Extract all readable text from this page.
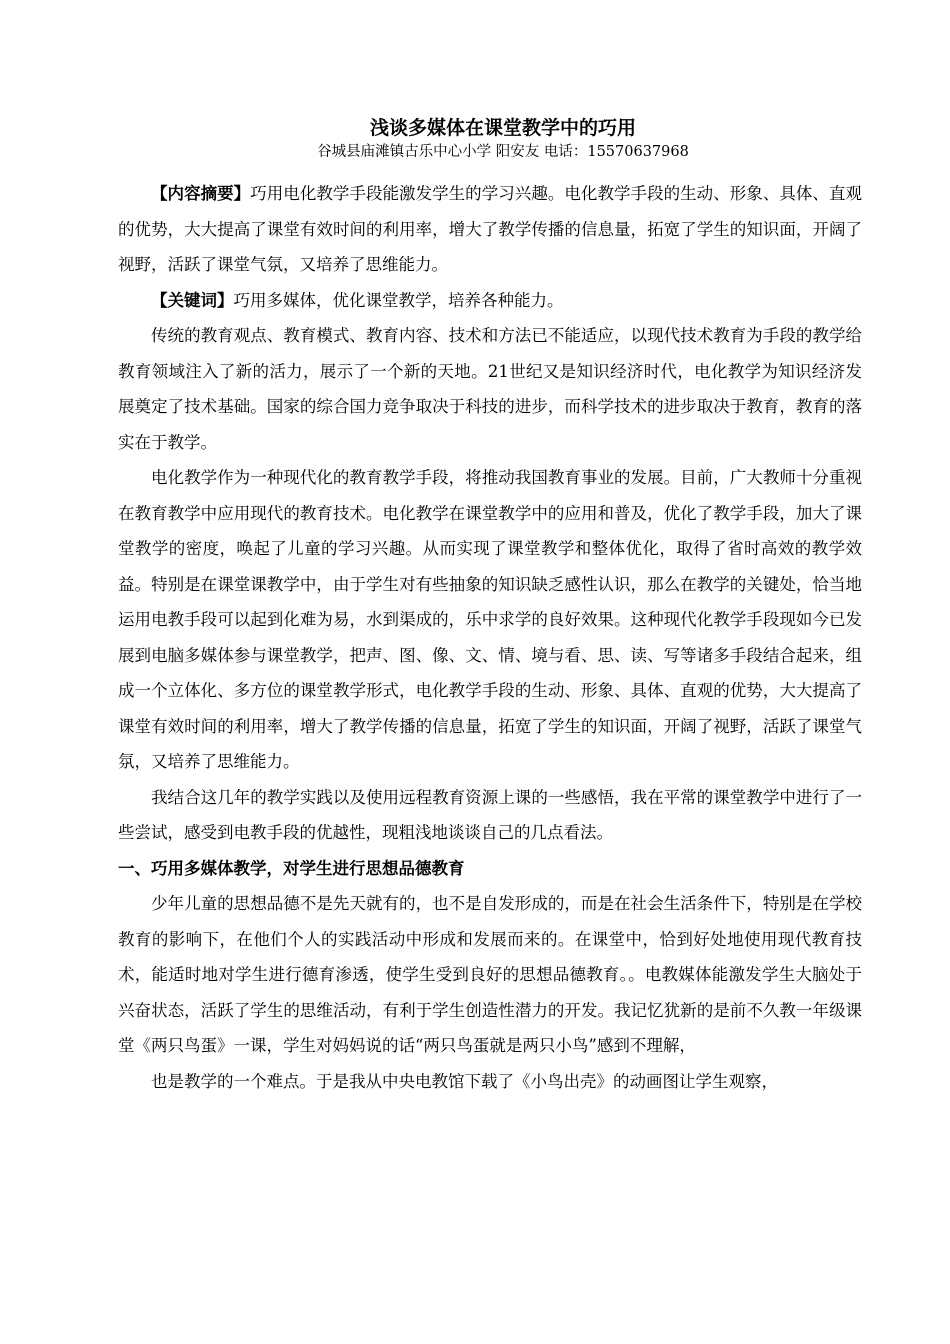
浅谈多媒体在课堂教学中的巧用

谷城县庙滩镇古乐中心小学 阳安友 电话：15570637968

【内容摘要】巧用电化教学手段能激发学生的学习兴趣。电化教学手段的生动、形象、具体、直观的优势，大大提高了课堂有效时间的利用率，增大了教学传播的信息量，拓宽了学生的知识面，开阔了视野，活跃了课堂气氛，又培养了思维能力。

【关键词】巧用多媒体，优化课堂教学，培养各种能力。

传统的教育观点、教育模式、教育内容、技术和方法已不能适应，以现代技术教育为手段的教学给教育领域注入了新的活力，展示了一个新的天地。21世纪又是知识经济时代，电化教学为知识经济发展奠定了技术基础。国家的综合国力竞争取决于科技的进步，而科学技术的进步取决于教育，教育的落实在于教学。

电化教学作为一种现代化的教育教学手段，将推动我国教育事业的发展。目前，广大教师十分重视在教育教学中应用现代的教育技术。电化教学在课堂教学中的应用和普及，优化了教学手段，加大了课堂教学的密度，唤起了儿童的学习兴趣。从而实现了课堂教学和整体优化，取得了省时高效的教学效益。特别是在课堂课教学中，由于学生对有些抽象的知识缺乏感性认识，那么在教学的关键处，恰当地运用电教手段可以起到化难为易，水到渠成的，乐中求学的良好效果。这种现代化教学手段现如今已发展到电脑多媒体参与课堂教学，把声、图、像、文、情、境与看、思、读、写等诸多手段结合起来，组成一个立体化、多方位的课堂教学形式，电化教学手段的生动、形象、具体、直观的优势，大大提高了课堂有效时间的利用率，增大了教学传播的信息量，拓宽了学生的知识面，开阔了视野，活跃了课堂气氛，又培养了思维能力。

我结合这几年的教学实践以及使用远程教育资源上课的一些感悟，我在平常的课堂教学中进行了一些尝试，感受到电教手段的优越性，现粗浅地谈谈自己的几点看法。

一、巧用多媒体教学，对学生进行思想品德教育

少年儿童的思想品德不是先天就有的，也不是自发形成的，而是在社会生活条件下，特别是在学校教育的影响下，在他们个人的实践活动中形成和发展而来的。在课堂中，恰到好处地使用现代教育技术，能适时地对学生进行德育渗透，使学生受到良好的思想品德教育。。电教媒体能激发学生大脑处于兴奋状态，活跃了学生的思维活动，有利于学生创造性潜力的开发。我记忆犹新的是前不久教一年级课堂《两只鸟蛋》一课，学生对妈妈说的话“两只鸟蛋就是两只小鸟”感到不理解，

也是教学的一个难点。于是我从中央电教馆下载了《小鸟出壳》的动画图让学生观察，
